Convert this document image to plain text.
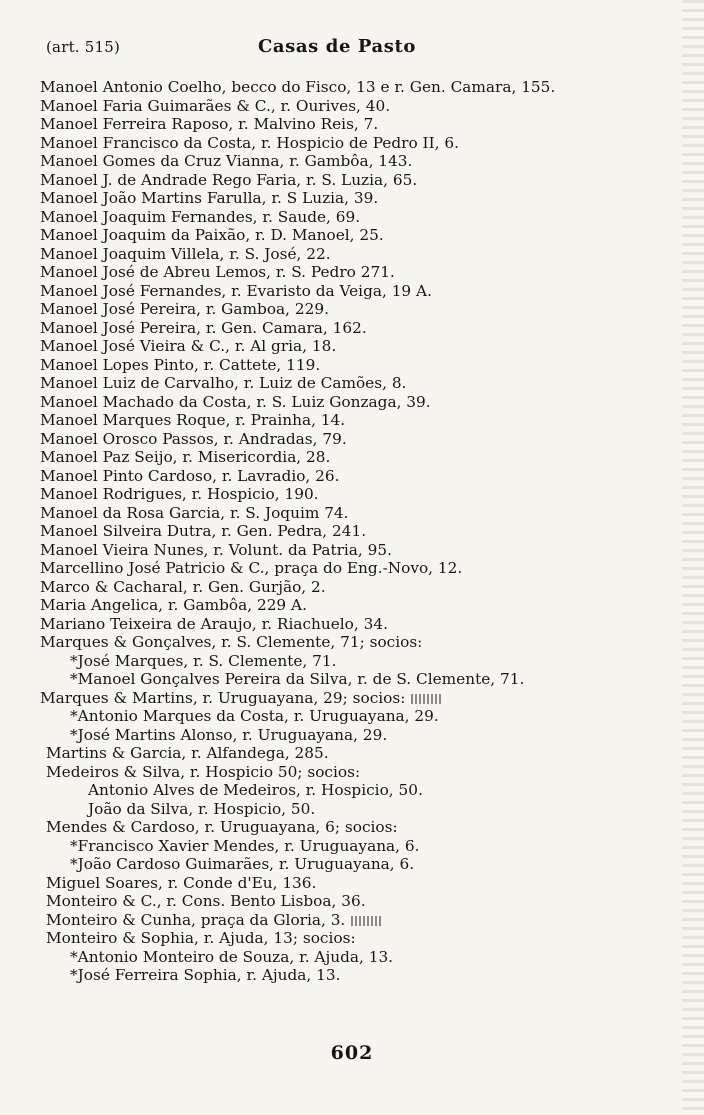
(art. 515)	Casas de Pasto
Manoel Antonio Coelho, becco do Fisco, 13 e r. Gen. Camara, 155.
Manoel Faria Guimarães & C., r. Ourives, 40.
Manoel Ferreira Raposo, r. Malvino Reis, 7.
Manoel Francisco da Costa, r. Hospicio de Pedro II, 6.
Manoel Gomes da Cruz Vianna, r. Gambôa, 143.
Manoel J. de Andrade Rego Faria, r. S. Luzia, 65.
Manoel João Martins Farulla, r. S Luzia, 39.
Manoel Joaquim Fernandes, r. Saude, 69.
Manoel Joaquim da Paixão, r. D. Manoel, 25.
Manoel Joaquim Villela, r. S. José, 22.
Manoel José de Abreu Lemos, r. S. Pedro 271.
Manoel José Fernandes, r. Evaristo da Veiga, 19 A.
Manoel José Pereira, r. Gamboa, 229.
Manoel José Pereira, r. Gen. Camara, 162.
Manoel José Vieira & C., r. Al gria, 18.
Manoel Lopes Pinto, r. Cattete, 119.
Manoel Luiz de Carvalho, r. Luiz de Camões, 8.
Manoel Machado da Costa, r. S. Luiz Gonzaga, 39.
Manoel Marques Roque, r. Prainha, 14.
Manoel Orosco Passos, r. Andradas, 79.
Manoel Paz Seijo, r. Misericordia, 28.
Manoel Pinto Cardoso, r. Lavradio, 26.
Manoel Rodrigues, r. Hospicio, 190.
Manoel da Rosa Garcia, r. S. Joquim 74.
Manoel Silveira Dutra, r. Gen. Pedra, 241.
Manoel Vieira Nunes, r. Volunt. da Patria, 95.
Marcellino José Patricio & C., praça do Eng.-Novo, 12.
Marco & Cacharal, r. Gen. Gurjão, 2.
Maria Angelica, r. Gambôa, 229 A.
Mariano Teixeira de Araujo, r. Riachuelo, 34.
Marques & Gonçalves, r. S. Clemente, 71; socios:
*José Marques, r. S. Clemente, 71.
*Manoel Gonçalves Pereira da Silva, r. de S. Clemente, 71.
Marques & Martins, r. Uruguayana, 29; socios:
*Antonio Marques da Costa, r. Uruguayana, 29.
*José Martins Alonso, r. Uruguayana, 29.
Martins & Garcia, r. Alfandega, 285.
Medeiros & Silva, r. Hospicio 50; socios:
Antonio Alves de Medeiros, r. Hospicio, 50.
João da Silva, r. Hospicio, 50.
Mendes & Cardoso, r. Uruguayana, 6; socios:
*Francisco Xavier Mendes, r. Uruguayana, 6.
*João Cardoso Guimarães, r. Uruguayana, 6.
Miguel Soares, r. Conde d'Eu, 136.
Monteiro & C., r. Cons. Bento Lisboa, 36.
Monteiro & Cunha, praça da Gloria, 3.
Monteiro & Sophia, r. Ajuda, 13; socios:
*Antonio Monteiro de Souza, r. Ajuda, 13.
*José Ferreira Sophia, r. Ajuda, 13.
602
